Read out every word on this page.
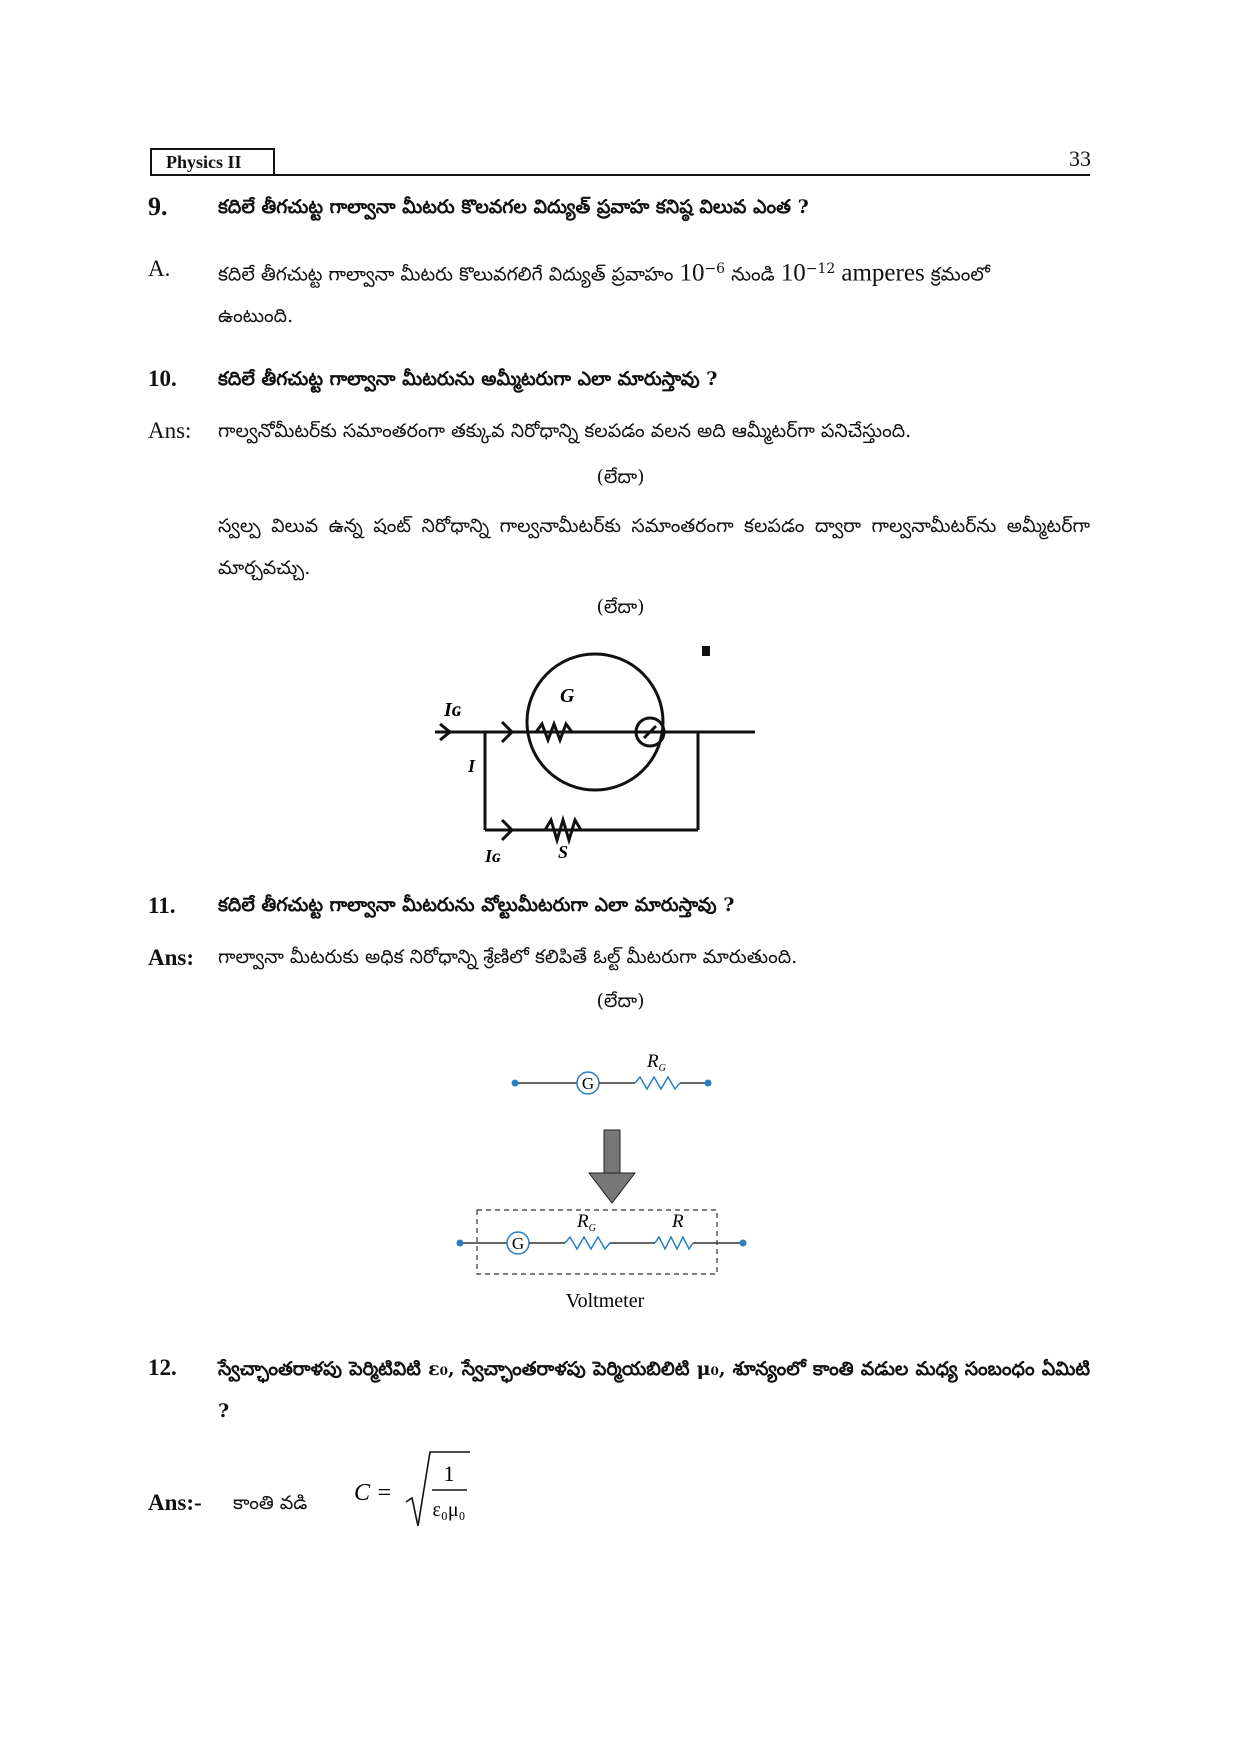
Physics II	33
9.	కదిలే తీగచుట్ట గాల్వానా మీటరు కొలవగల విద్యుత్ ప్రవాహ కనిష్ఠ విలువ ఎంత ?
A.	కదిలే తీగచుట్ట గాల్వానా మీటరు కొలువగలిగే విద్యుత్ ప్రవాహం $10^{-6}$ నుండి $10^{-12}$ amperes క్రమంలో
ఉంటుంది.
10. కదిలే తీగచుట్ట గాల్వానా మీటరును అమ్మీటరుగా ఎలా మారుస్తావు ?
Ans: గాల్వనోమీటర్‌కు సమాంతరంగా తక్కువ నిరోధాన్ని కలపడం వలన అది ఆమ్మీటర్‌గా పనిచేస్తుంది.
(లేదా)
స్వల్ప విలువ ఉన్న షంట్ నిరోధాన్ని గాల్వనామీటర్‌కు సమాంతరంగా కలపడం ద్వారా గాల్వనామీటర్‌ను అమ్మీటర్‌గా మార్చవచ్చు.
(లేదా)
Iɢ
G
I
Iɢ	S
11. కదిలే తీగచుట్ట గాల్వానా మీటరును వోల్టుమీటరుగా ఎలా మారుస్తావు ?
Ans: గాల్వానా మీటరుకు అధిక నిరోధాన్ని శ్రేణిలో కలిపితే ఓల్ట్ మీటరుగా మారుతుంది.
(లేదా)
G
$R_G$
G
$R_G$	R
Voltmeter
12. స్వేచ్ఛాంతరాళపు పెర్మిటివిటి ε₀, స్వేచ్ఛాంతరాళపు పెర్మియబిలిటి μ₀, శూన్యంలో కాంతి వడుల మధ్య సంబంధం ఏమిటి ?
Ans:- కాంతి వడి C =
1
ε₀μ₀
